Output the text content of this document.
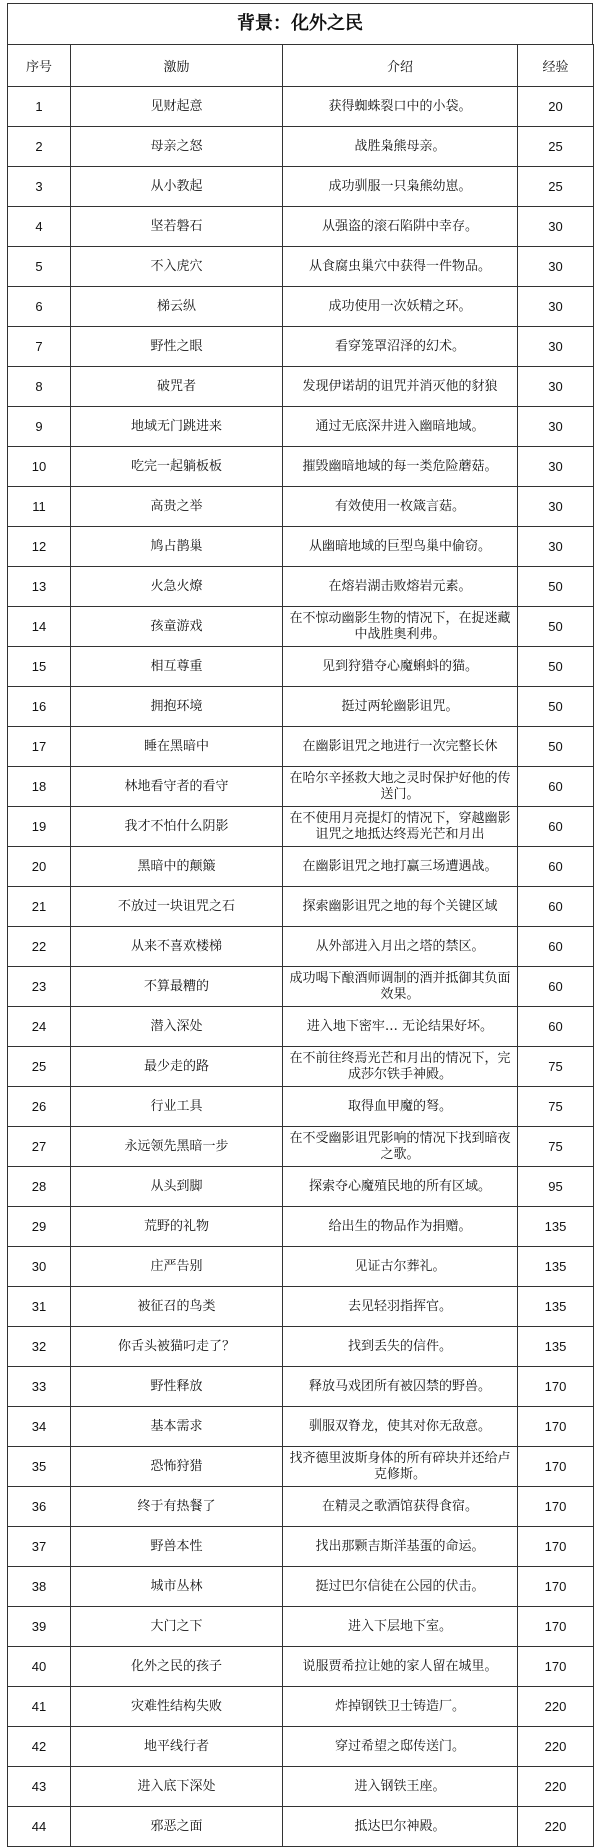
背景：化外之民
序号	激励	介绍	经验
1	见财起意	获得蜘蛛裂口中的小袋。	20
2	母亲之怒	战胜枭熊母亲。	25
3	从小教起	成功驯服一只枭熊幼崽。	25
4	坚若磐石	从强盗的滚石陷阱中幸存。	30
5	不入虎穴	从食腐虫巢穴中获得一件物品。	30
6	梯云纵	成功使用一次妖精之环。	30
7	野性之眼	看穿笼罩沼泽的幻术。	30
8	破咒者	发现伊诺胡的诅咒并消灭他的豺狼	30
9	地域无门跳进来	通过无底深井进入幽暗地域。	30
10	吃完一起躺板板	摧毁幽暗地域的每一类危险蘑菇。	30
11	高贵之举	有效使用一枚箴言菇。	30
12	鸠占鹊巢	从幽暗地域的巨型鸟巢中偷窃。	30
13	火急火燎	在熔岩湖击败熔岩元素。	50
14	孩童游戏	在不惊动幽影生物的情况下，在捉迷藏中战胜奥利弗。	50
15	相互尊重	见到狩猎夺心魔蝌蚪的猫。	50
16	拥抱环境	挺过两轮幽影诅咒。	50
17	睡在黑暗中	在幽影诅咒之地进行一次完整长休	50
18	林地看守者的看守	在哈尔辛拯救大地之灵时保护好他的传送门。	60
19	我才不怕什么阴影	在不使用月亮提灯的情况下，穿越幽影诅咒之地抵达终焉光芒和月出	60
20	黑暗中的颠簸	在幽影诅咒之地打赢三场遭遇战。	60
21	不放过一块诅咒之石	探索幽影诅咒之地的每个关键区域	60
22	从来不喜欢楼梯	从外部进入月出之塔的禁区。	60
23	不算最糟的	成功喝下酿酒师调制的酒并抵御其负面效果。	60
24	潜入深处	进入地下密牢… 无论结果好坏。	60
25	最少走的路	在不前往终焉光芒和月出的情况下，完成莎尔铁手神殿。	75
26	行业工具	取得血甲魔的弩。	75
27	永远领先黑暗一步	在不受幽影诅咒影响的情况下找到暗夜之歌。	75
28	从头到脚	探索夺心魔殖民地的所有区域。	95
29	荒野的礼物	给出生的物品作为捐赠。	135
30	庄严告别	见证古尔葬礼。	135
31	被征召的鸟类	去见轻羽指挥官。	135
32	你舌头被猫叼走了？	找到丢失的信件。	135
33	野性释放	释放马戏团所有被囚禁的野兽。	170
34	基本需求	驯服双脊龙，使其对你无敌意。	170
35	恐怖狩猎	找齐德里波斯身体的所有碎块并还给卢克修斯。	170
36	终于有热餐了	在精灵之歌酒馆获得食宿。	170
37	野兽本性	找出那颗吉斯洋基蛋的命运。	170
38	城市丛林	挺过巴尔信徒在公园的伏击。	170
39	大门之下	进入下层地下室。	170
40	化外之民的孩子	说服贾希拉让她的家人留在城里。	170
41	灾难性结构失败	炸掉钢铁卫士铸造厂。	220
42	地平线行者	穿过希望之邸传送门。	220
43	进入底下深处	进入钢铁王座。	220
44	邪恶之面	抵达巴尔神殿。	220
